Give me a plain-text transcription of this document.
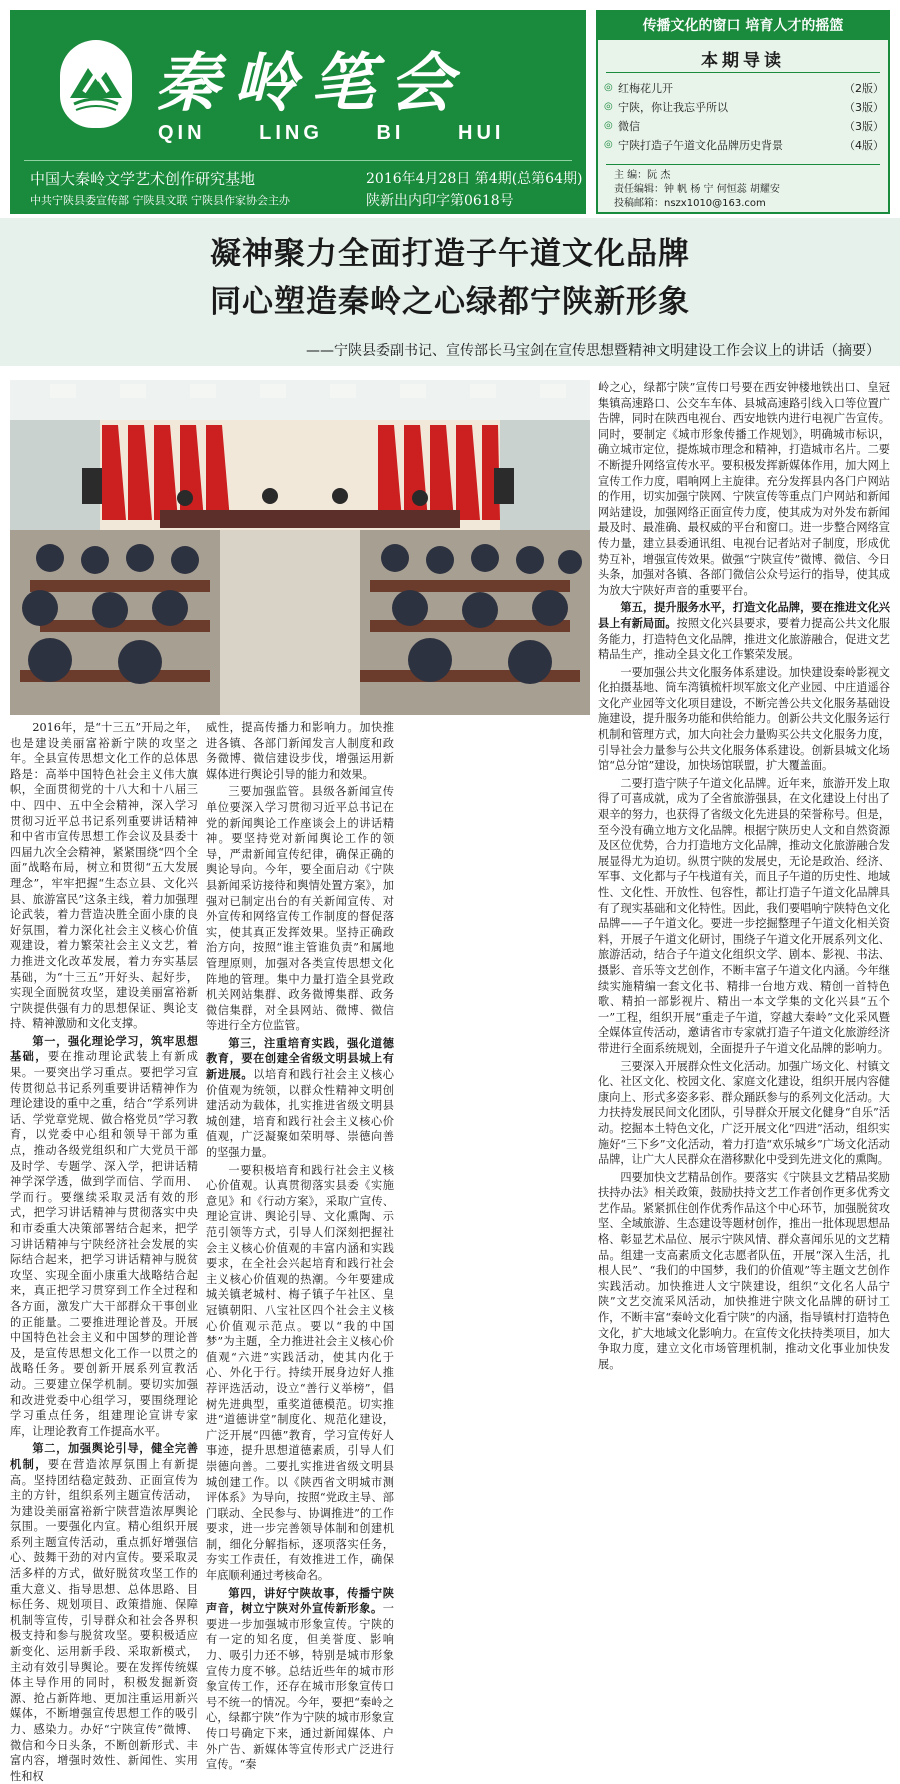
秦岭笔会
QIN LING BI HUI
中国大秦岭文学艺术创作研究基地
中共宁陕县委宣传部 宁陕县文联 宁陕县作家协会主办
2016年4月28日 第4期(总第64期)
陕新出内印字第0618号
传播文化的窗口 培育人才的摇篮
本期导读
◎ 红梅花儿开	（2版）
◎ 宁陕，你让我忘乎所以	（3版）
◎ 微信	（3版）
◎ 宁陕打造子午道文化品牌历史背景	（4版）
主 编：阮 杰
责任编辑：钟 帆 杨 宁 何恒蕊 胡耀安
投稿邮箱：nszx1010@163.com
凝神聚力全面打造子午道文化品牌
同心塑造秦岭之心绿都宁陕新形象
——宁陕县委副书记、宣传部长马宝剑在宣传思想暨精神文明建设工作会议上的讲话（摘要）

2016年，是“十三五”开局之年，也是建设美丽富裕新宁陕的攻坚之年。全县宣传思想文化工作的总体思路是：高举中国特色社会主义伟大旗帜，全面贯彻党的十八大和十八届三中、四中、五中全会精神，深入学习贯彻习近平总书记系列重要讲话精神和中省市宣传思想工作会议及县委十四届九次全会精神，紧紧围绕“四个全面”战略布局，树立和贯彻“五大发展理念”，牢牢把握“生态立县、文化兴县、旅游富民”这条主线，着力加强理论武装，着力营造决胜全面小康的良好氛围，着力深化社会主义核心价值观建设，着力繁荣社会主义文艺，着力推进文化改革发展，着力夯实基层基础，为“十三五”开好头、起好步，实现全面脱贫攻坚，建设美丽富裕新宁陕提供强有力的思想保证、舆论支持、精神激励和文化支撑。

第一，强化理论学习，筑牢思想基础，要在推动理论武装上有新成果。一要突出学习重点。要把学习宣传贯彻总书记系列重要讲话精神作为理论建设的重中之重，结合“学系列讲话、学党章党规、做合格党员”学习教育，以党委中心组和领导干部为重点，推动各级党组织和广大党员干部及时学、专题学、深入学，把讲话精神学深学透，做到学而信、学而用、学而行。要继续采取灵活有效的形式，把学习讲话精神与贯彻落实中央和市委重大决策部署结合起来，把学习讲话精神与宁陕经济社会发展的实际结合起来，把学习讲话精神与脱贫攻坚、实现全面小康重大战略结合起来，真正把学习贯穿到工作全过程和各方面，激发广大干部群众干事创业的正能量。二要推进理论普及。开展中国特色社会主义和中国梦的理论普及，是宣传思想文化工作一以贯之的战略任务。要创新开展系列宣教活动。三要建立保学机制。要切实加强和改进党委中心组学习，要围绕理论学习重点任务，组建理论宣讲专家库，让理论教育工作提高水平。

第二，加强舆论引导，健全完善机制，要在营造浓厚氛围上有新提高。坚持团结稳定鼓劲、正面宣传为主的方针，组织系列主题宣传活动，为建设美丽富裕新宁陕营造浓厚舆论氛围。一要强化内宣。精心组织开展系列主题宣传活动，重点抓好增强信心、鼓舞干劲的对内宣传。要采取灵活多样的方式，做好脱贫攻坚工作的重大意义、指导思想、总体思路、目标任务、规划项目、政策措施、保障机制等宣传，引导群众和社会各界积极支持和参与脱贫攻坚。要积极适应新变化、运用新手段、采取新模式，主动有效引导舆论。要在发挥传统媒体主导作用的同时，积极发掘新资源、抢占新阵地、更加注重运用新兴媒体，不断增强宣传思想工作的吸引力、感染力。办好“宁陕宣传”微博、微信和今日头条，不断创新形式、丰富内容，增强时效性、新闻性、实用性和权

威性，提高传播力和影响力。加快推进各镇、各部门新闻发言人制度和政务微博、微信建设步伐，增强运用新媒体进行舆论引导的能力和效果。

三要加强监管。县级各新闻宣传单位要深入学习贯彻习近平总书记在党的新闻舆论工作座谈会上的讲话精神。要坚持党对新闻舆论工作的领导，严肃新闻宣传纪律，确保正确的舆论导向。今年，要全面启动《宁陕县新闻采访接待和舆情处置方案》，加强对已制定出台的有关新闻宣传、对外宣传和网络宣传工作制度的督促落实，使其真正发挥效果。坚持正确政治方向，按照“谁主管谁负责”和属地管理原则，加强对各类宣传思想文化阵地的管理。集中力量打造全县党政机关网站集群、政务微博集群、政务微信集群，对全县网站、微博、微信等进行全方位监管。

第三，注重培育实践，强化道德教育，要在创建全省级文明县城上有新进展。以培育和践行社会主义核心价值观为统领，以群众性精神文明创建活动为载体，扎实推进省级文明县城创建，培育和践行社会主义核心价值观，广泛凝聚如荣明辱、崇德向善的坚强力量。

一要积极培育和践行社会主义核心价值观。认真贯彻落实县委《实施意见》和《行动方案》，采取广宣传、理论宣讲、舆论引导、文化熏陶、示范引领等方式，引导人们深刻把握社会主义核心价值观的丰富内涵和实践要求，在全社会兴起培育和践行社会主义核心价值观的热潮。今年要建成城关镇老城村、梅子镇子午社区、皇冠镇朝阳、八宝社区四个社会主义核心价值观示范点。要以“我的中国梦”为主题，全力推进社会主义核心价值观“六进”实践活动，使其内化于心、外化于行。持续开展身边好人推荐评选活动，设立“善行义举榜”，倡树先进典型，重奖道德模范。切实推进“道德讲堂”制度化、规范化建设，广泛开展“四德”教育，学习宣传好人事迹，提升思想道德素质，引导人们崇德向善。二要扎实推进省级文明县城创建工作。以《陕西省文明城市测评体系》为导向，按照“党政主导、部门联动、全民参与、协调推进”的工作要求，进一步完善领导体制和创建机制，细化分解指标，逐项落实任务，夯实工作责任，有效推进工作，确保年底顺利通过考核命名。

第四，讲好宁陕故事，传播宁陕声音，树立宁陕对外宣传新形象。一要进一步加强城市形象宣传。宁陕的有一定的知名度，但美誉度、影响力、吸引力还不够，特别是城市形象宣传力度不够。总结近些年的城市形象宣传工作，还存在城市形象宣传口号不统一的情况。今年，要把“秦岭之心，绿都宁陕”作为宁陕的城市形象宣传口号确定下来，通过新闻媒体、户外广告、新媒体等宣传形式广泛进行宣传。“秦

岭之心，绿都宁陕”宣传口号要在西安钟楼地铁出口、皇冠集镇高速路口、公交车车体、县城高速路引线入口等位置广告牌，同时在陕西电视台、西安地铁内进行电视广告宣传。同时，要制定《城市形象传播工作规划》，明确城市标识，确立城市定位，提炼城市理念和精神，打造城市名片。二要不断提升网络宣传水平。要积极发挥新媒体作用，加大网上宣传工作力度，唱响网上主旋律。充分发挥县内各门户网站的作用，切实加强宁陕网、宁陕宣传等重点门户网站和新闻网站建设，加强网络正面宣传力度，使其成为对外发布新闻最及时、最准确、最权威的平台和窗口。进一步整合网络宣传力量，建立县委通讯组、电视台记者站对子制度，形成优势互补，增强宣传效果。做强“宁陕宣传”微博、微信、今日头条，加强对各镇、各部门微信公众号运行的指导，使其成为放大宁陕好声音的重要平台。

第五，提升服务水平，打造文化品牌，要在推进文化兴县上有新局面。按照文化兴县要求，要着力提高公共文化服务能力，打造特色文化品牌，推进文化旅游融合，促进文艺精品生产，推动全县文化工作繁荣发展。

一要加强公共文化服务体系建设。加快建设秦岭影视文化拍摄基地、筒车湾镇梳杆坝军旅文化产业园、中庄逍遥谷文化产业园等文化项目建设，不断完善公共文化服务基础设施建设，提升服务功能和供给能力。创新公共文化服务运行机制和管理方式，加大向社会力量购买公共文化服务力度，引导社会力量参与公共文化服务体系建设。创新县城文化场馆“总分馆”建设，加快场馆联盟，扩大覆盖面。

二要打造宁陕子午道文化品牌。近年来，旅游开发上取得了可喜成就，成为了全省旅游强县，在文化建设上付出了艰辛的努力，也获得了省级文化先进县的荣誉称号。但是，至今没有确立地方文化品牌。根据宁陕历史人文和自然资源及区位优势，合力打造地方文化品牌，推动文化旅游融合发展显得尤为迫切。纵贯宁陕的发展史，无论是政治、经济、军事、文化都与子午栈道有关，而且子午道的历史性、地域性、文化性、开放性、包容性，都让打造子午道文化品牌具有了现实基础和文化特性。因此，我们要唱响宁陕特色文化品牌——子午道文化。要进一步挖掘整理子午道文化相关资料，开展子午道文化研讨，围绕子午道文化开展系列文化、旅游活动，结合子午道文化组织文学、剧本、影视、书法、摄影、音乐等文艺创作，不断丰富子午道文化内涵。今年继续实施精编一套文化书、精排一台地方戏、精创一首特色歌、精拍一部影视片、精出一本文学集的文化兴县“五个一”工程，组织开展“重走子午道，穿越大秦岭”文化采风暨全媒体宣传活动，邀请省市专家就打造子午道文化旅游经济带进行全面系统规划，全面提升子午道文化品牌的影响力。

三要深入开展群众性文化活动。加强广场文化、村镇文化、社区文化、校园文化、家庭文化建设，组织开展内容健康向上、形式多姿多彩、群众踊跃参与的系列文化活动。大力扶持发展民间文化团队，引导群众开展文化健身“自乐”活动。挖掘本土特色文化，广泛开展文化“四进”活动，组织实施好“三下乡”文化活动，着力打造“欢乐城乡”广场文化活动品牌，让广大人民群众在潜移默化中受到先进文化的熏陶。

四要加快文艺精品创作。要落实《宁陕县文艺精品奖励扶持办法》相关政策，鼓励扶持文艺工作者创作更多优秀文艺作品。紧紧抓住创作优秀作品这个中心环节，加强脱贫攻坚、全域旅游、生态建设等题材创作，推出一批体现思想品格、彰显艺术品位、展示宁陕风情、群众喜闻乐见的文艺精品。组建一支高素质文化志愿者队伍，开展“深入生活，扎根人民”、“我们的中国梦，我们的价值观”等主题文艺创作实践活动。加快推进人文宁陕建设，组织“文化名人品宁陕”文艺交流采风活动，加快推进宁陕文化品牌的研讨工作，不断丰富“秦岭文化看宁陕”的内涵，指导镇村打造特色文化，扩大地域文化影响力。在宣传文化扶持类项目，加大争取力度，建立文化市场管理机制，推动文化事业加快发展。
